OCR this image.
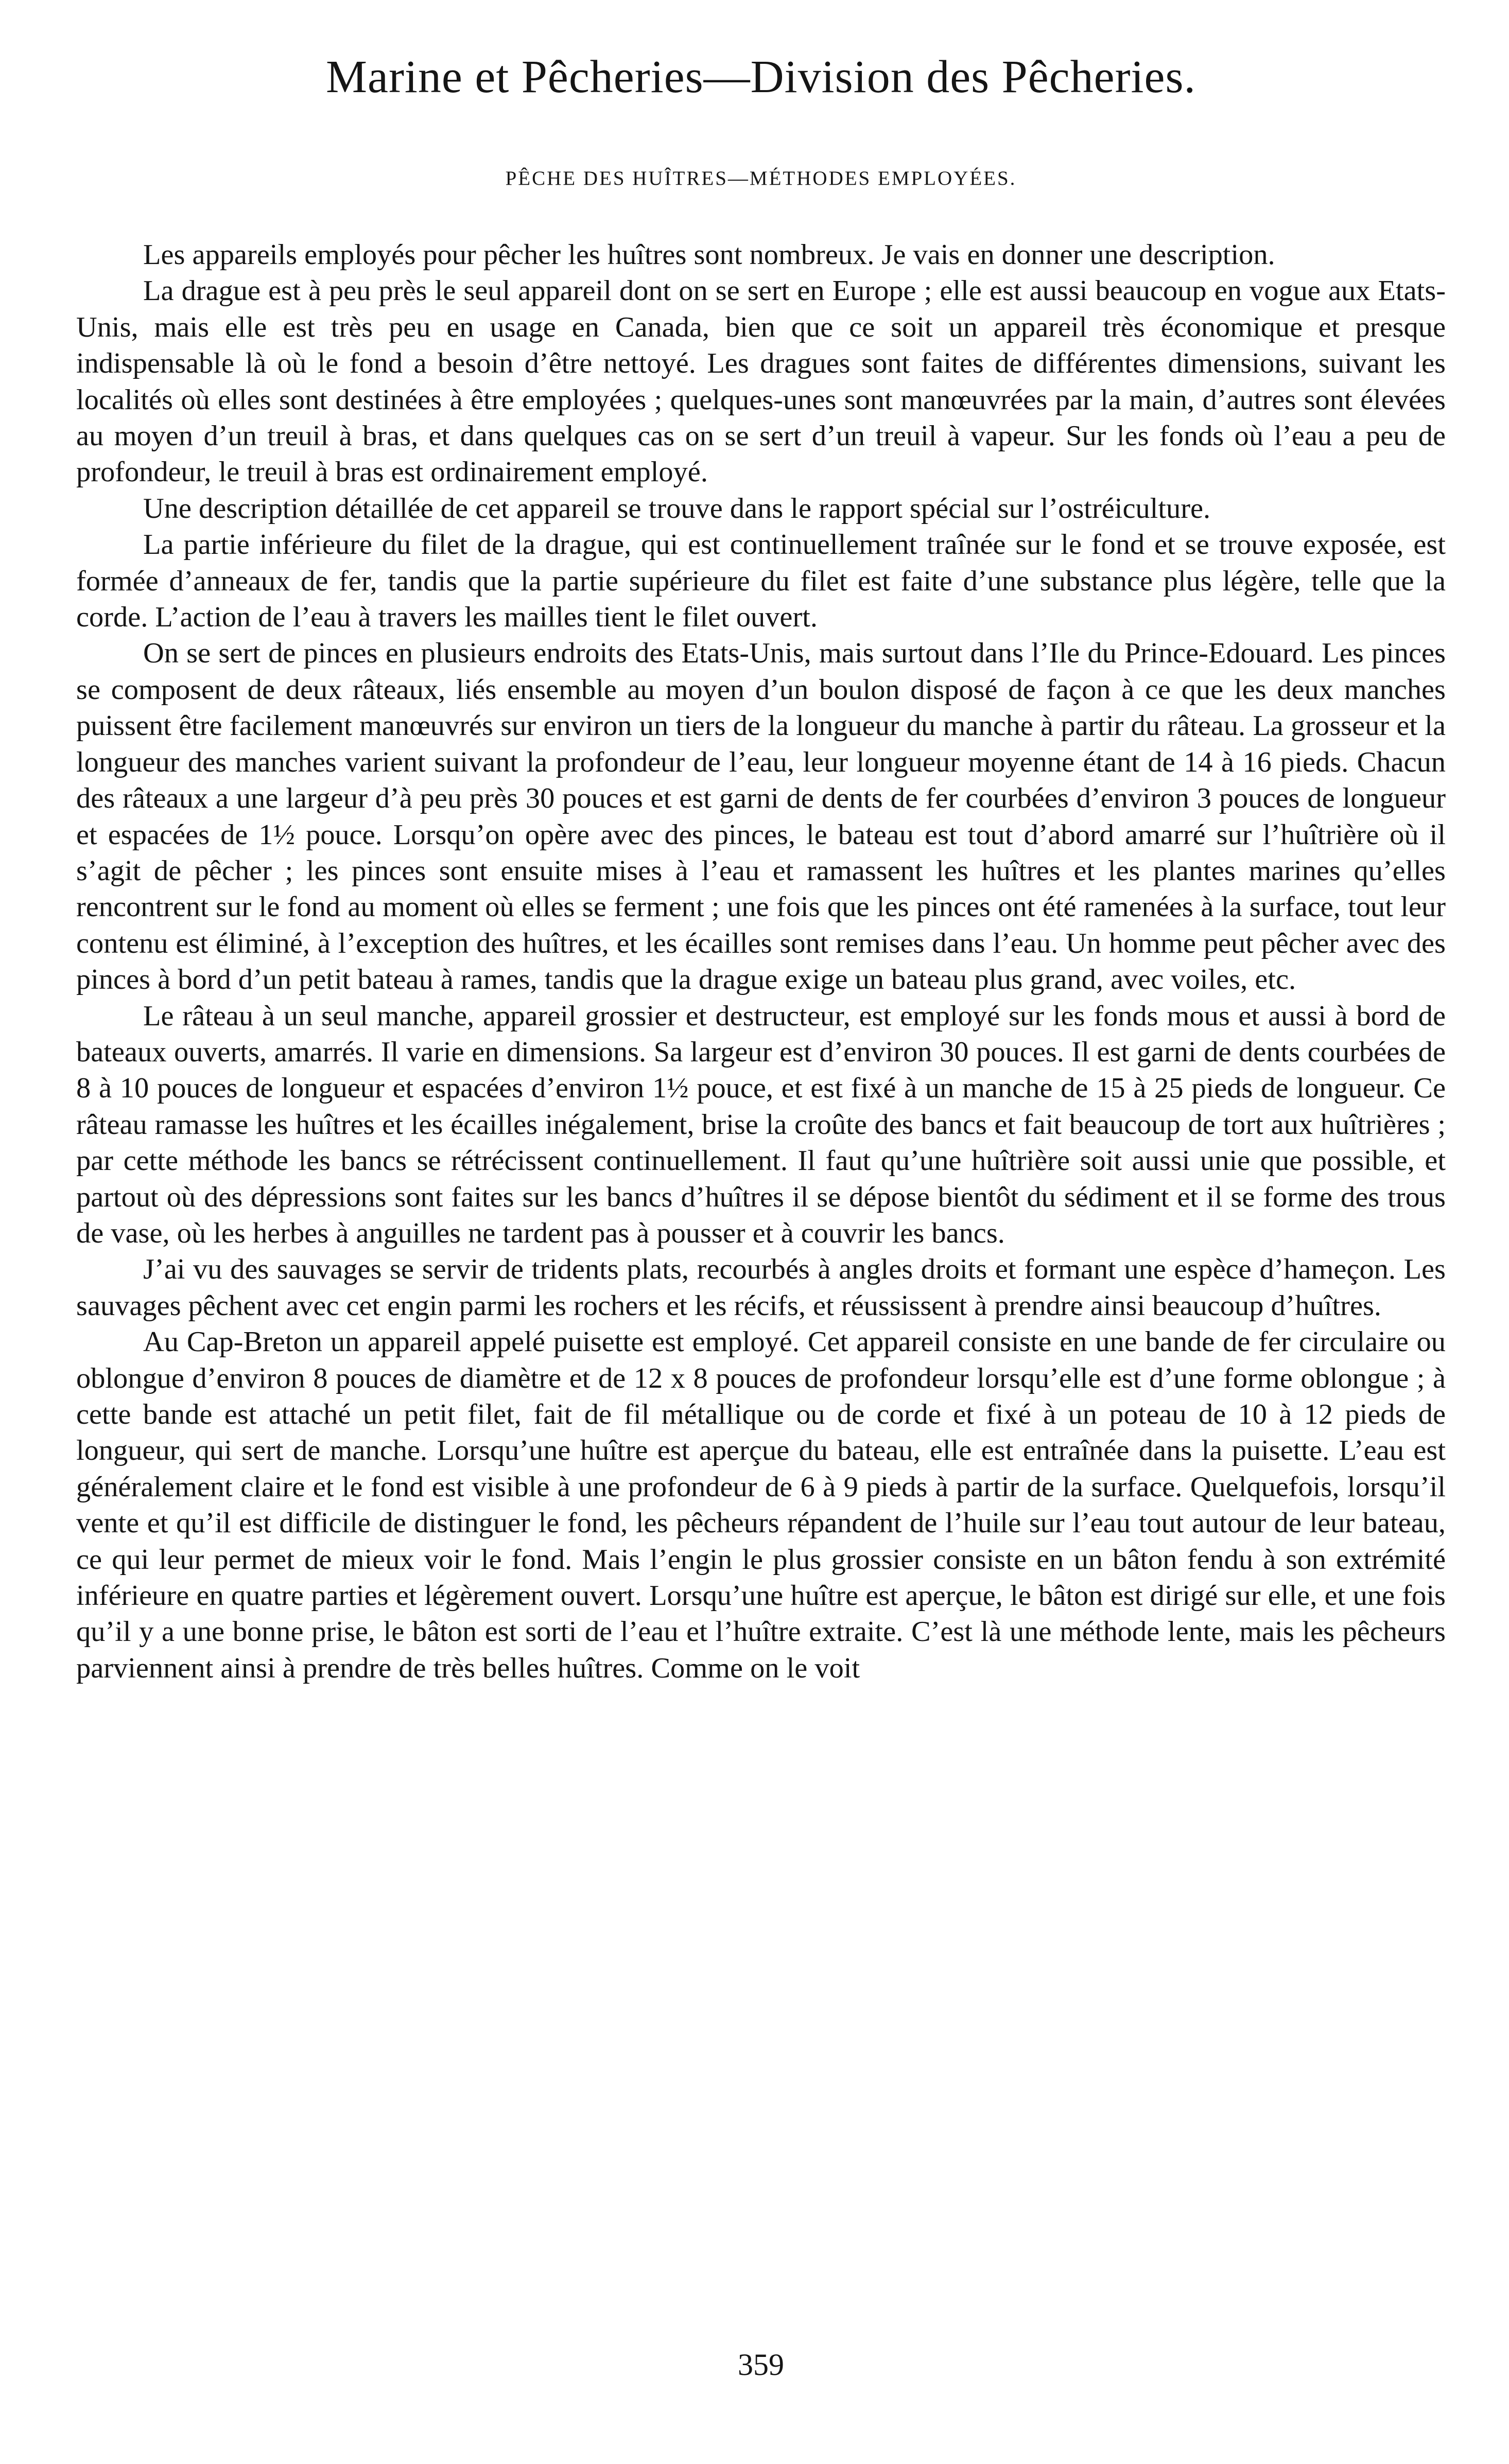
Marine et Pêcheries—Division des Pêcheries.
PÊCHE DES HUÎTRES—MÉTHODES EMPLOYÉES.

Les appareils employés pour pêcher les huîtres sont nombreux. Je vais en donner une description.

La drague est à peu près le seul appareil dont on se sert en Europe ; elle est aussi beaucoup en vogue aux Etats-Unis, mais elle est très peu en usage en Canada, bien que ce soit un appareil très économique et presque indispensable là où le fond a besoin d’être nettoyé. Les dragues sont faites de différentes dimensions, suivant les localités où elles sont destinées à être employées ; quelques-unes sont manœuvrées par la main, d’autres sont élevées au moyen d’un treuil à bras, et dans quelques cas on se sert d’un treuil à vapeur. Sur les fonds où l’eau a peu de profondeur, le treuil à bras est ordinairement employé.

Une description détaillée de cet appareil se trouve dans le rapport spécial sur l’ostréiculture.

La partie inférieure du filet de la drague, qui est continuellement traînée sur le fond et se trouve exposée, est formée d’anneaux de fer, tandis que la partie supérieure du filet est faite d’une substance plus légère, telle que la corde. L’action de l’eau à travers les mailles tient le filet ouvert.

On se sert de pinces en plusieurs endroits des Etats-Unis, mais surtout dans l’Ile du Prince-Edouard. Les pinces se composent de deux râteaux, liés ensemble au moyen d’un boulon disposé de façon à ce que les deux manches puissent être facilement manœuvrés sur environ un tiers de la longueur du manche à partir du râteau. La grosseur et la longueur des manches varient suivant la profondeur de l’eau, leur longueur moyenne étant de 14 à 16 pieds. Chacun des râteaux a une largeur d’à peu près 30 pouces et est garni de dents de fer courbées d’environ 3 pouces de longueur et espacées de 1½ pouce. Lorsqu’on opère avec des pinces, le bateau est tout d’abord amarré sur l’huîtrière où il s’agit de pêcher ; les pinces sont ensuite mises à l’eau et ramassent les huîtres et les plantes marines qu’elles rencontrent sur le fond au moment où elles se ferment ; une fois que les pinces ont été ramenées à la surface, tout leur contenu est éliminé, à l’exception des huîtres, et les écailles sont remises dans l’eau. Un homme peut pêcher avec des pinces à bord d’un petit bateau à rames, tandis que la drague exige un bateau plus grand, avec voiles, etc.

Le râteau à un seul manche, appareil grossier et destructeur, est employé sur les fonds mous et aussi à bord de bateaux ouverts, amarrés. Il varie en dimensions. Sa largeur est d’environ 30 pouces. Il est garni de dents courbées de 8 à 10 pouces de longueur et espacées d’environ 1½ pouce, et est fixé à un manche de 15 à 25 pieds de longueur. Ce râteau ramasse les huîtres et les écailles inégalement, brise la croûte des bancs et fait beaucoup de tort aux huîtrières ; par cette méthode les bancs se rétrécissent continuellement. Il faut qu’une huîtrière soit aussi unie que possible, et partout où des dépressions sont faites sur les bancs d’huîtres il se dépose bientôt du sédiment et il se forme des trous de vase, où les herbes à anguilles ne tardent pas à pousser et à couvrir les bancs.

J’ai vu des sauvages se servir de tridents plats, recourbés à angles droits et formant une espèce d’hameçon. Les sauvages pêchent avec cet engin parmi les rochers et les récifs, et réussissent à prendre ainsi beaucoup d’huîtres.

Au Cap-Breton un appareil appelé puisette est employé. Cet appareil consiste en une bande de fer circulaire ou oblongue d’environ 8 pouces de diamètre et de 12 x 8 pouces de profondeur lorsqu’elle est d’une forme oblongue ; à cette bande est attaché un petit filet, fait de fil métallique ou de corde et fixé à un poteau de 10 à 12 pieds de longueur, qui sert de manche. Lorsqu’une huître est aperçue du bateau, elle est entraînée dans la puisette. L’eau est généralement claire et le fond est visible à une profondeur de 6 à 9 pieds à partir de la surface. Quelquefois, lorsqu’il vente et qu’il est difficile de distinguer le fond, les pêcheurs répandent de l’huile sur l’eau tout autour de leur bateau, ce qui leur permet de mieux voir le fond. Mais l’engin le plus grossier consiste en un bâton fendu à son extrémité inférieure en quatre parties et légèrement ouvert. Lorsqu’une huître est aperçue, le bâton est dirigé sur elle, et une fois qu’il y a une bonne prise, le bâton est sorti de l’eau et l’huître extraite. C’est là une méthode lente, mais les pêcheurs parviennent ainsi à prendre de très belles huîtres. Comme on le voit

359
